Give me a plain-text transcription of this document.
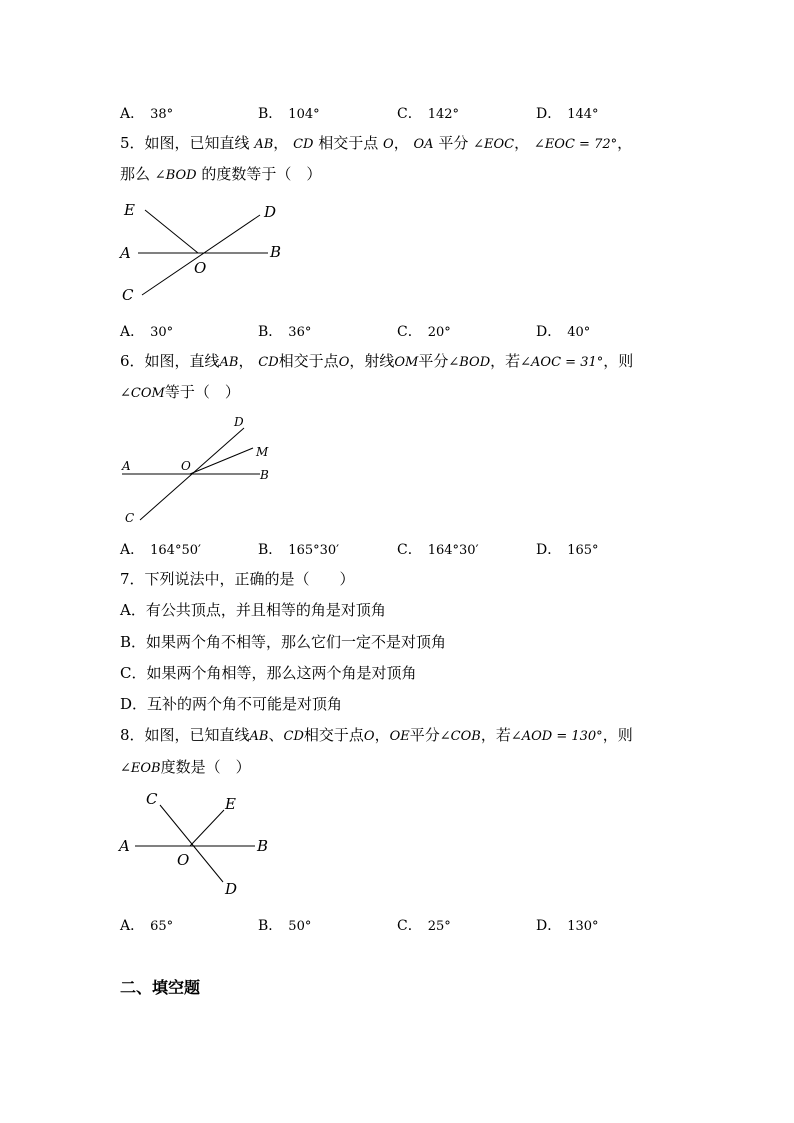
A． 38°	B． 104°	C． 142°	D． 144°
5．如图，已知直线 AB， CD 相交于点 O， OA 平分 ∠EOC， ∠EOC = 72°，
那么 ∠BOD 的度数等于（　）
E	D
A	B
O
C
A． 30°	B． 36°	C． 20°	D． 40°
6．如图，直线AB， CD相交于点O，射线OM平分∠BOD，若∠AOC = 31°，则
∠COM等于（　）
D
M
A	O
B
C
A． 164°50′	B． 165°30′	C． 164°30′	D． 165°
7．下列说法中，正确的是（　　）
A．有公共顶点，并且相等的角是对顶角
B．如果两个角不相等，那么它们一定不是对顶角
C．如果两个角相等，那么这两个角是对顶角
D．互补的两个角不可能是对顶角
8．如图，已知直线AB、CD相交于点O，OE平分∠COB，若∠AOD = 130°，则
∠EOB度数是（　）
C	E
A
O
B
D
A． 65°	B． 50°	C． 25°	D． 130°
二、填空题
